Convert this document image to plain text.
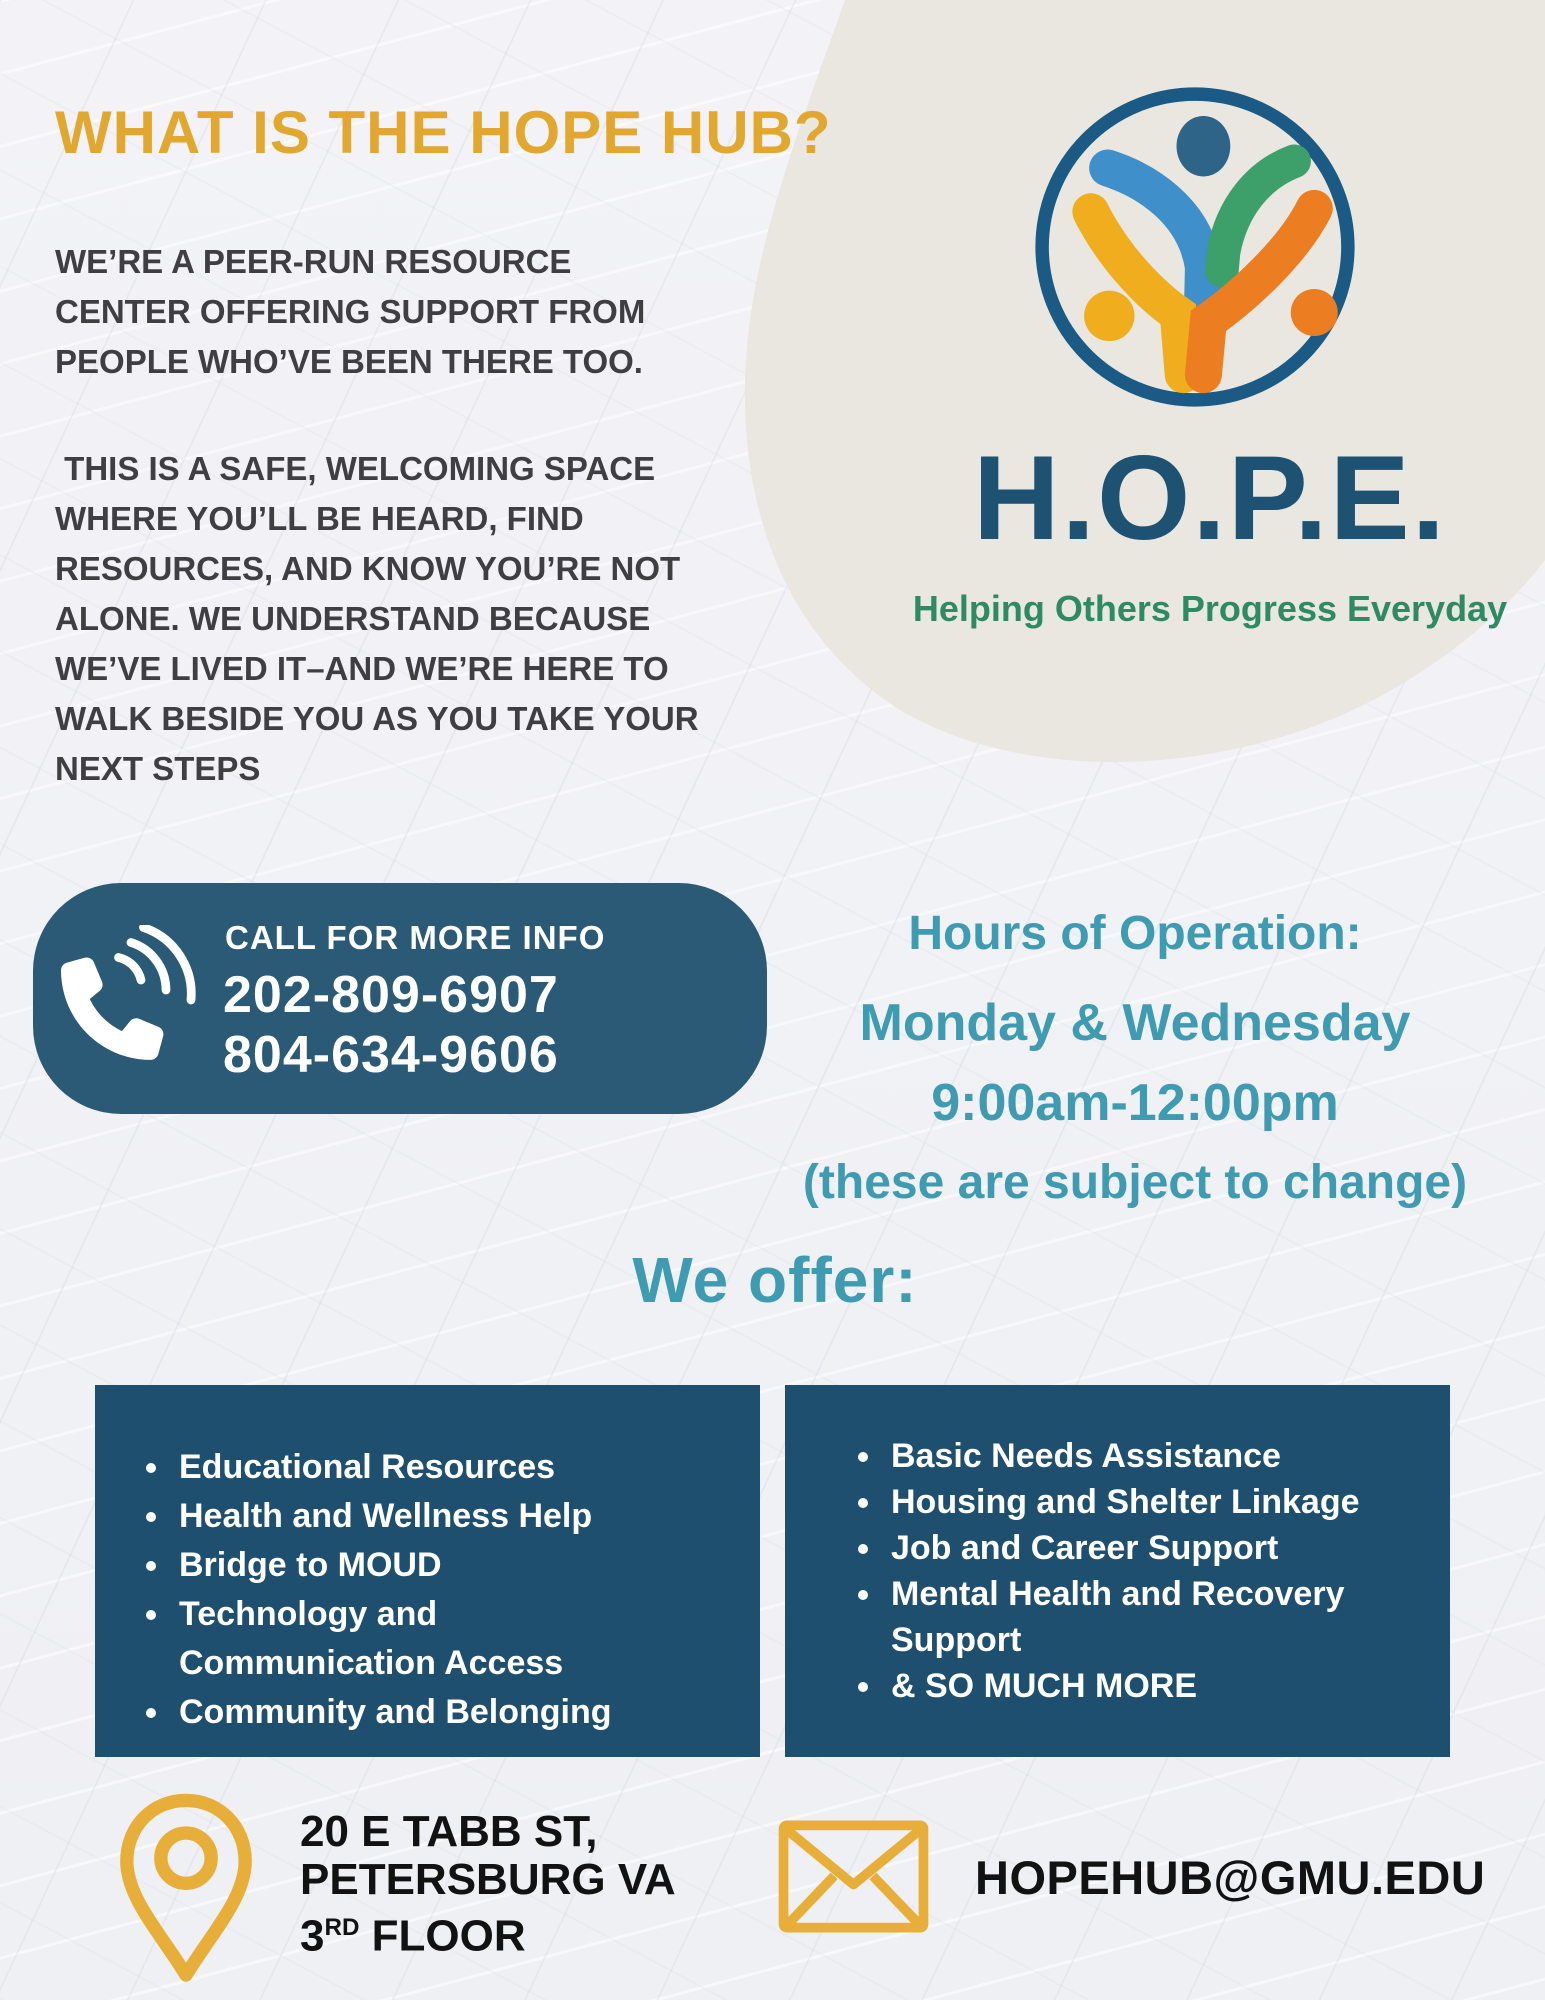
WHAT IS THE HOPE HUB?
WE’RE A PEER-RUN RESOURCE
CENTER OFFERING SUPPORT FROM
PEOPLE WHO’VE BEEN THERE TOO.
THIS IS A SAFE, WELCOMING SPACE
WHERE YOU’LL BE HEARD, FIND
RESOURCES, AND KNOW YOU’RE NOT
ALONE. WE UNDERSTAND BECAUSE
WE’VE LIVED IT–AND WE’RE HERE TO
WALK BESIDE YOU AS YOU TAKE YOUR
NEXT STEPS
H.O.P.E.
Helping Others Progress Everyday
CALL FOR MORE INFO
202-809-6907
804-634-9606
Hours of Operation:
Monday & Wednesday
9:00am-12:00pm
(these are subject to change)
We offer:
• Educational Resources
• Health and Wellness Help
• Bridge to MOUD
• Technology and Communication Access
• Community and Belonging
• Basic Needs Assistance
• Housing and Shelter Linkage
• Job and Career Support
• Mental Health and Recovery Support
• & SO MUCH MORE
20 E TABB ST,
PETERSBURG VA
3RD FLOOR
HOPEHUB@GMU.EDU
